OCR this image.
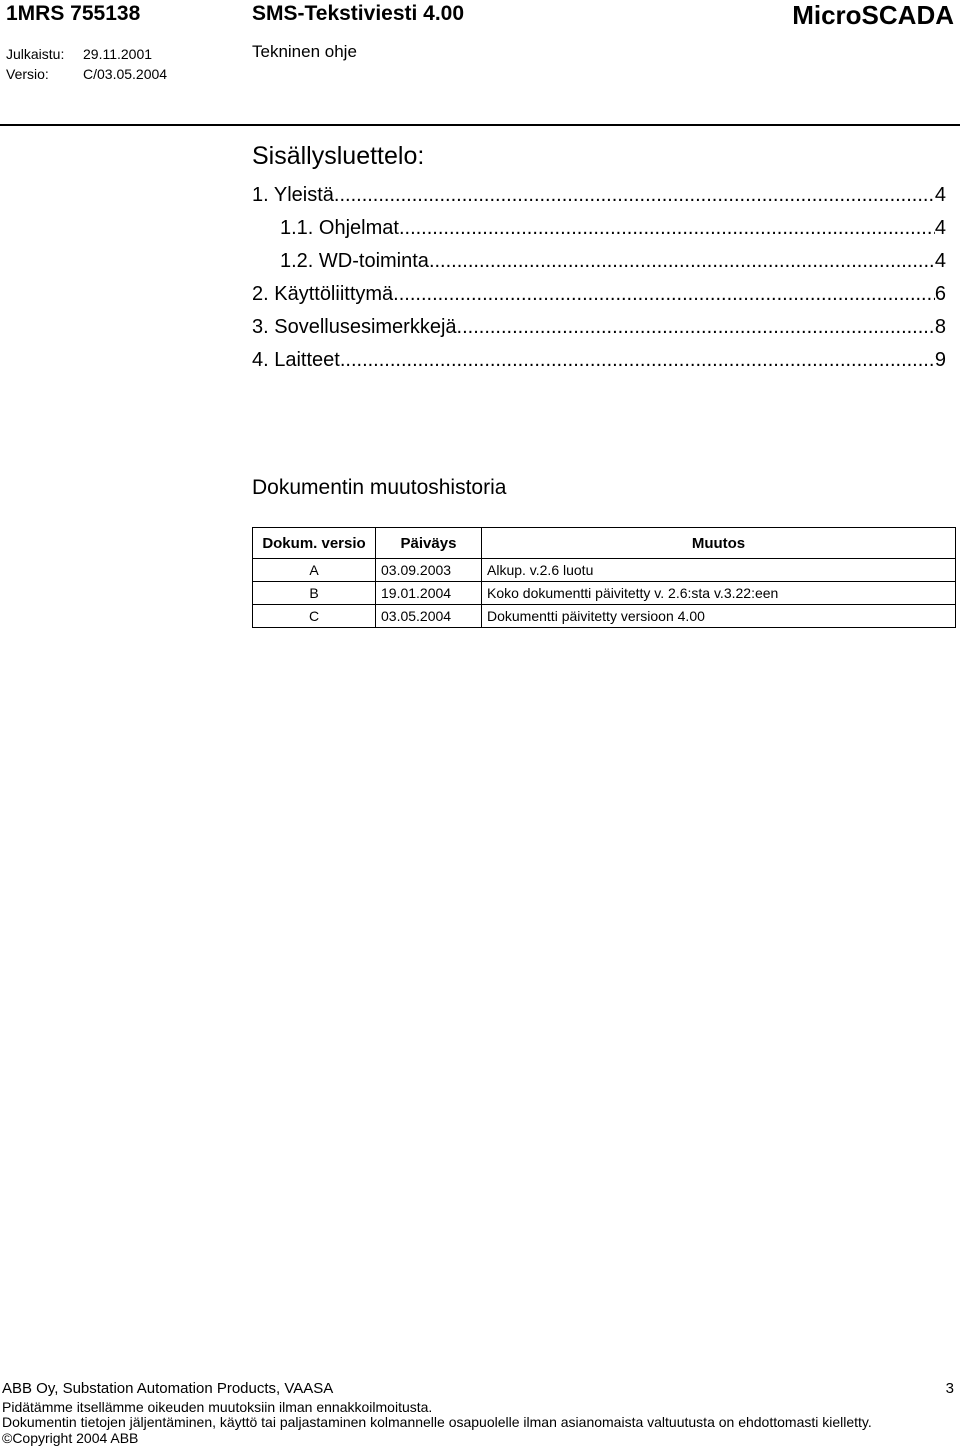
1MRS 755138	SMS-Tekstiviesti 4.00	MicroSCADA
Julkaistu: 29.11.2001
Versio: C/03.05.2004
Tekninen ohje
Sisällysluettelo:
1. Yleistä .....	4
1.1. Ohjelmat .....	4
1.2. WD-toiminta .....	4
2. Käyttöliittymä .....	6
3. Sovellusesimerkkejä .....	8
4. Laitteet .....	9
Dokumentin muutoshistoria
Dokum. versio	Päiväys	Muutos
A	03.09.2003	Alkup. v.2.6 luotu
B	19.01.2004	Koko dokumentti päivitetty v. 2.6:sta v.3.22:een
C	03.05.2004	Dokumentti päivitetty versioon 4.00
ABB Oy, Substation Automation Products, VAASA	3
Pidätämme itsellämme oikeuden muutoksiin ilman ennakkoilmoitusta.
Dokumentin tietojen jäljentäminen, käyttö tai paljastaminen kolmannelle osapuolelle ilman asianomaista valtuutusta on ehdottomasti kielletty.
©Copyright 2004 ABB
